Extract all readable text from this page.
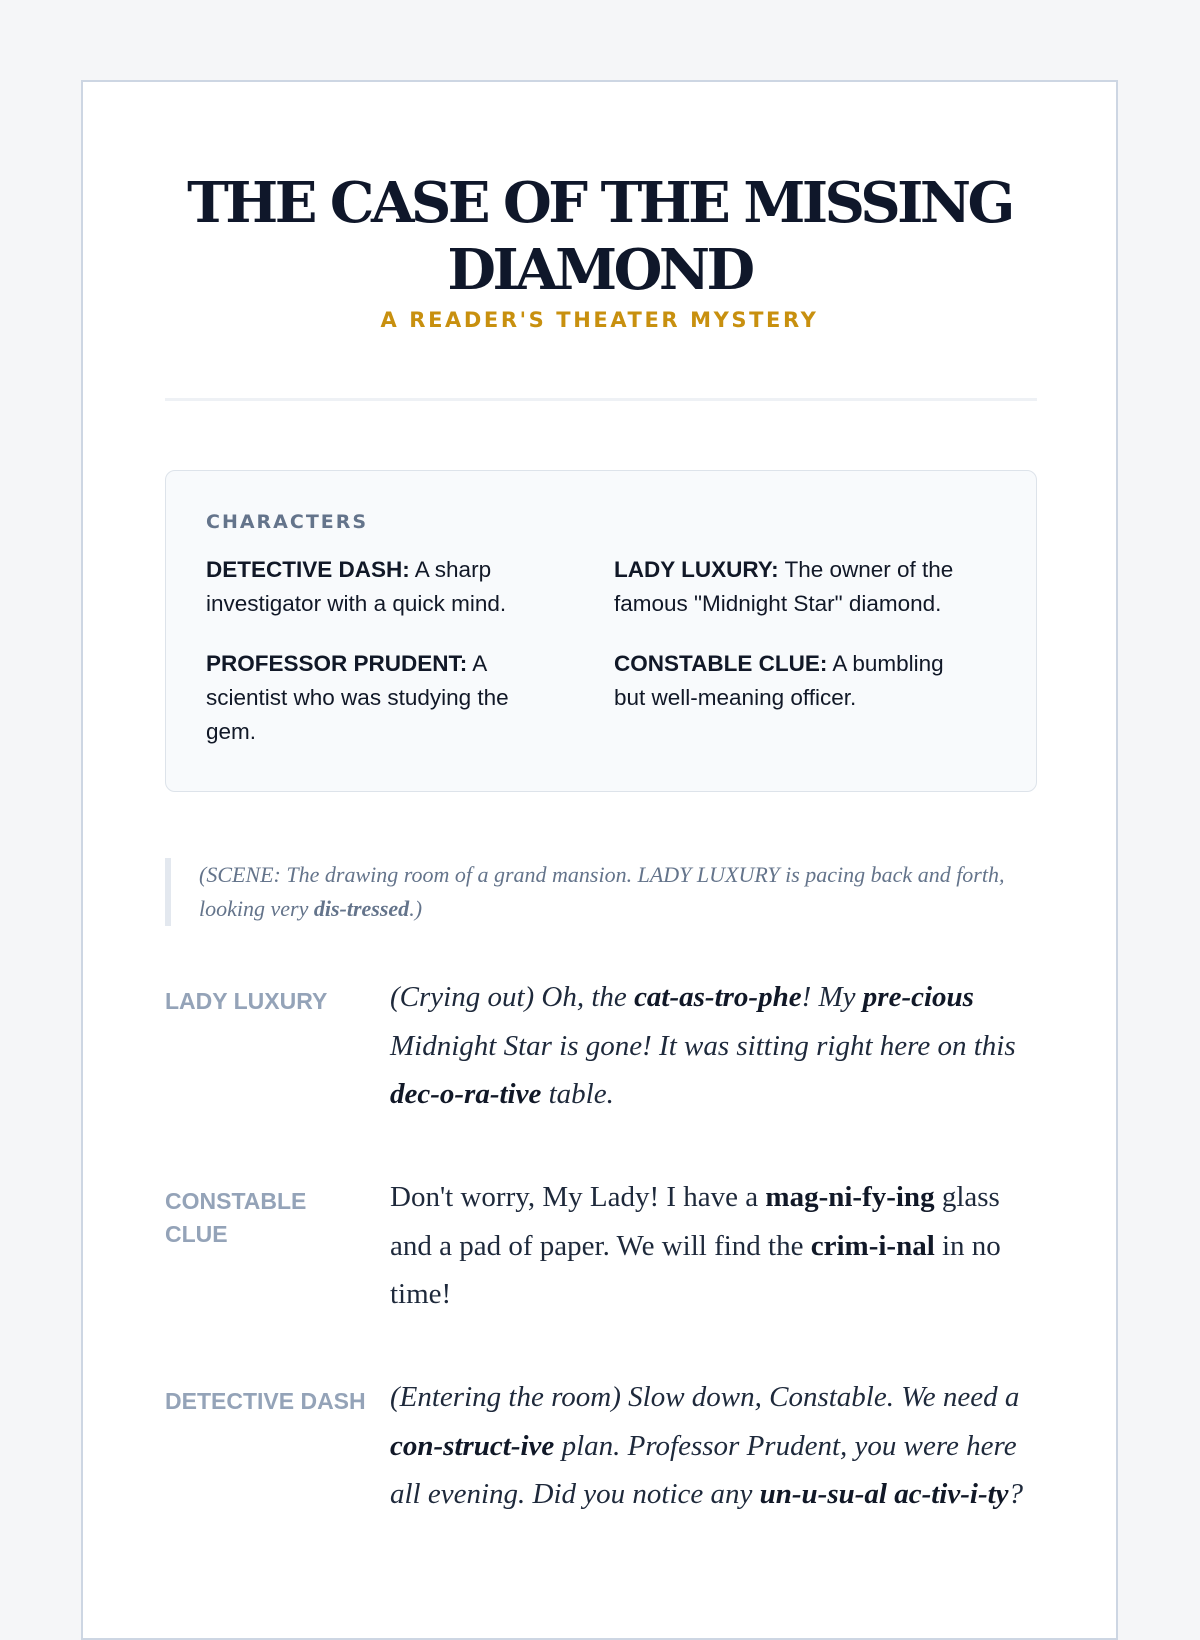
THE CASE OF THE MISSING
DIAMOND
A READER'S THEATER MYSTERY
CHARACTERS
DETECTIVE DASH: A sharp investigator with a quick mind.
LADY LUXURY: The owner of the famous "Midnight Star" diamond.
PROFESSOR PRUDENT: A scientist who was studying the gem.
CONSTABLE CLUE: A bumbling but well-meaning officer.
(SCENE: The drawing room of a grand mansion. LADY LUXURY is pacing back and forth, looking very dis-tressed.)
LADY LUXURY	(Crying out) Oh, the cat-as-tro-phe! My pre-cious Midnight Star is gone! It was sitting right here on this dec-o-ra-tive table.
CONSTABLE CLUE
Don't worry, My Lady! I have a mag-ni-fy-ing glass and a pad of paper. We will find the crim-i-nal in no time!
DETECTIVE DASH (Entering the room) Slow down, Constable. We need a con-struct-ive plan. Professor Prudent, you were here all evening. Did you notice any un-u-su-al ac-tiv-i-ty?
